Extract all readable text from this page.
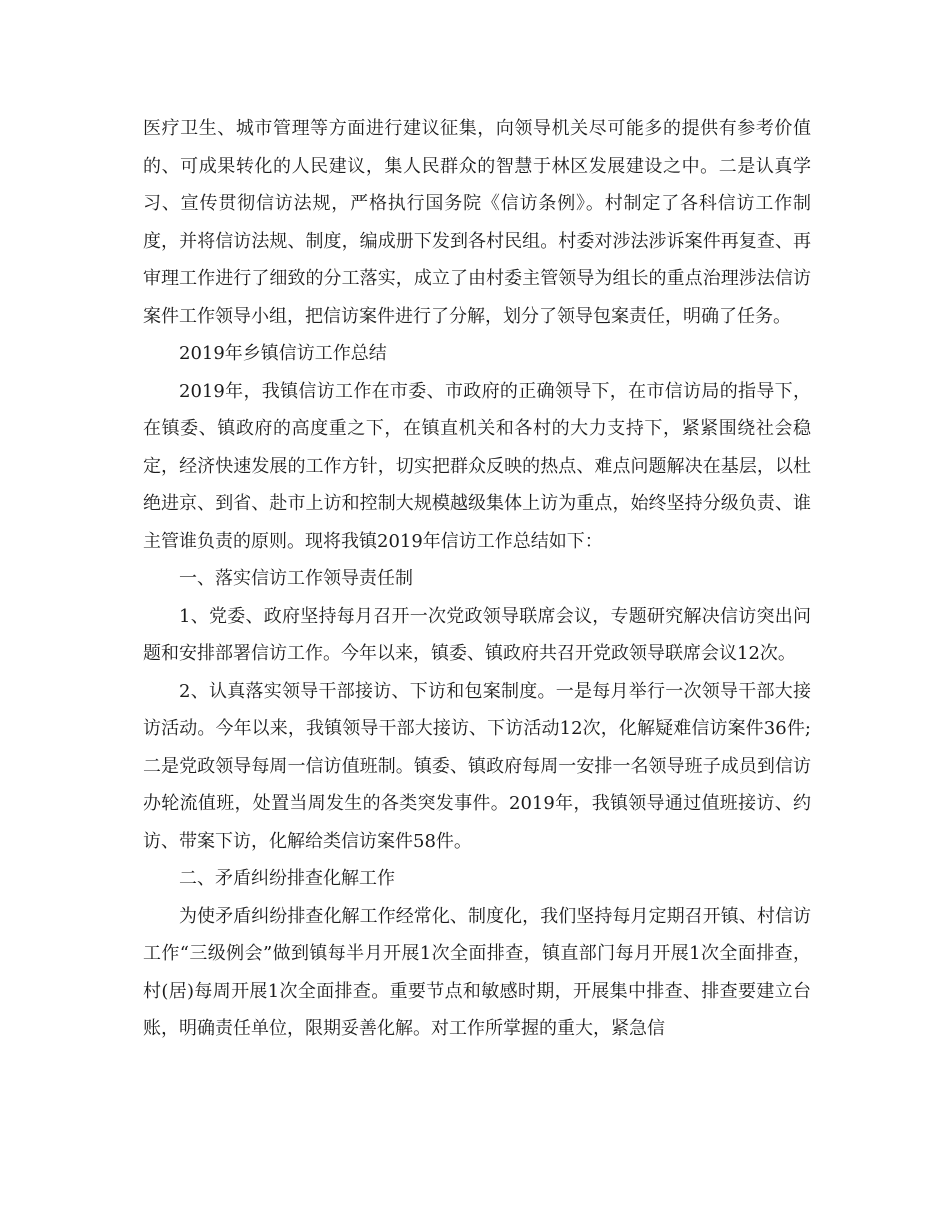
医疗卫生、城市管理等方面进行建议征集，向领导机关尽可能多的提供有参考价值的、可成果转化的人民建议，集人民群众的智慧于林区发展建设之中。二是认真学习、宣传贯彻信访法规，严格执行国务院《信访条例》。村制定了各科信访工作制度，并将信访法规、制度，编成册下发到各村民组。村委对涉法涉诉案件再复查、再审理工作进行了细致的分工落实，成立了由村委主管领导为组长的重点治理涉法信访案件工作领导小组，把信访案件进行了分解，划分了领导包案责任，明确了任务。

2019年乡镇信访工作总结

2019年，我镇信访工作在市委、市政府的正确领导下，在市信访局的指导下，在镇委、镇政府的高度重之下，在镇直机关和各村的大力支持下，紧紧围绕社会稳定，经济快速发展的工作方针，切实把群众反映的热点、难点问题解决在基层，以杜绝进京、到省、赴市上访和控制大规模越级集体上访为重点，始终坚持分级负责、谁主管谁负责的原则。现将我镇2019年信访工作总结如下：

一、落实信访工作领导责任制

1、党委、政府坚持每月召开一次党政领导联席会议，专题研究解决信访突出问题和安排部署信访工作。今年以来，镇委、镇政府共召开党政领导联席会议12次。

2、认真落实领导干部接访、下访和包案制度。一是每月举行一次领导干部大接访活动。今年以来，我镇领导干部大接访、下访活动12次，化解疑难信访案件36件;二是党政领导每周一信访值班制。镇委、镇政府每周一安排一名领导班子成员到信访办轮流值班，处置当周发生的各类突发事件。2019年，我镇领导通过值班接访、约访、带案下访，化解给类信访案件58件。

二、矛盾纠纷排查化解工作

为使矛盾纠纷排查化解工作经常化、制度化，我们坚持每月定期召开镇、村信访工作“三级例会”做到镇每半月开展1次全面排查，镇直部门每月开展1次全面排查，村(居)每周开展1次全面排查。重要节点和敏感时期，开展集中排查、排查要建立台账，明确责任单位，限期妥善化解。对工作所掌握的重大，紧急信
